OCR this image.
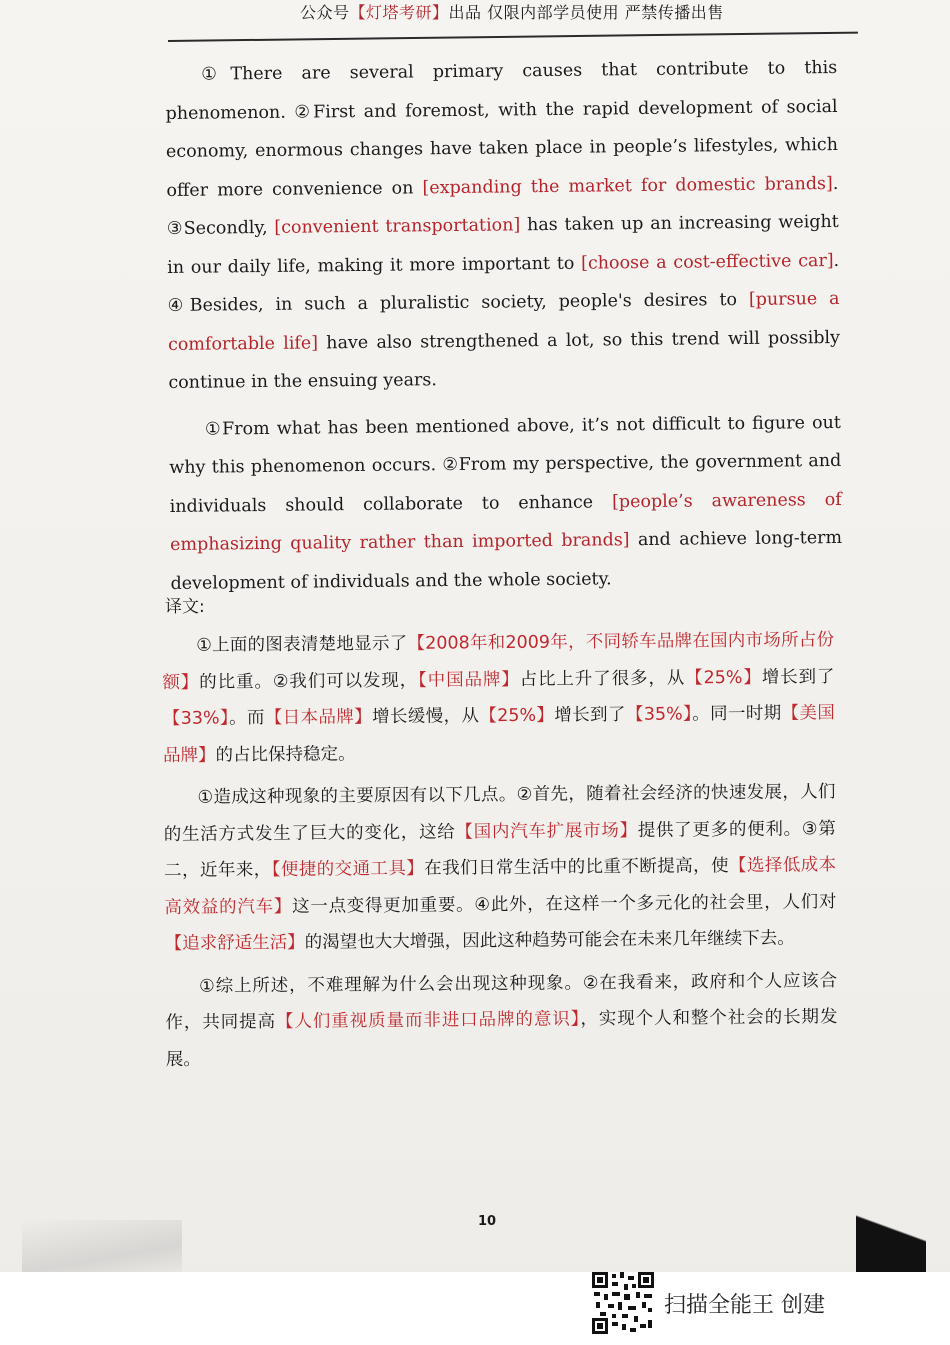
公众号【灯塔考研】出品 仅限内部学员使用 严禁传播出售

①There are several primary causes that contribute to this phenomenon. ②First and foremost, with the rapid development of social economy, enormous changes have taken place in people’s lifestyles, which offer more convenience on [expanding the market for domestic brands]. ③Secondly, [convenient transportation] has taken up an increasing weight in our daily life, making it more important to [choose a cost-effective car]. ④Besides, in such a pluralistic society, people's desires to [pursue a comfortable life] have also strengthened a lot, so this trend will possibly continue in the ensuing years.

①From what has been mentioned above, it’s not difficult to figure out why this phenomenon occurs. ②From my perspective, the government and individuals should collaborate to enhance [people’s awareness of emphasizing quality rather than imported brands] and achieve long-term development of individuals and the whole society.

译文:

①上面的图表清楚地显示了【2008年和2009年，不同轿车品牌在国内市场所占份额】的比重。②我们可以发现，【中国品牌】占比上升了很多，从【25%】增长到了【33%】。而【日本品牌】增长缓慢，从【25%】增长到了【35%】。同一时期【美国品牌】的占比保持稳定。

①造成这种现象的主要原因有以下几点。②首先，随着社会经济的快速发展，人们的生活方式发生了巨大的变化，这给【国内汽车扩展市场】提供了更多的便利。③第二，近年来，【便捷的交通工具】在我们日常生活中的比重不断提高，使【选择低成本高效益的汽车】这一点变得更加重要。④此外，在这样一个多元化的社会里，人们对【追求舒适生活】的渴望也大大增强，因此这种趋势可能会在未来几年继续下去。

①综上所述，不难理解为什么会出现这种现象。②在我看来，政府和个人应该合作，共同提高【人们重视质量而非进口品牌的意识】，实现个人和整个社会的长期发展。

10
扫描全能王 创建
